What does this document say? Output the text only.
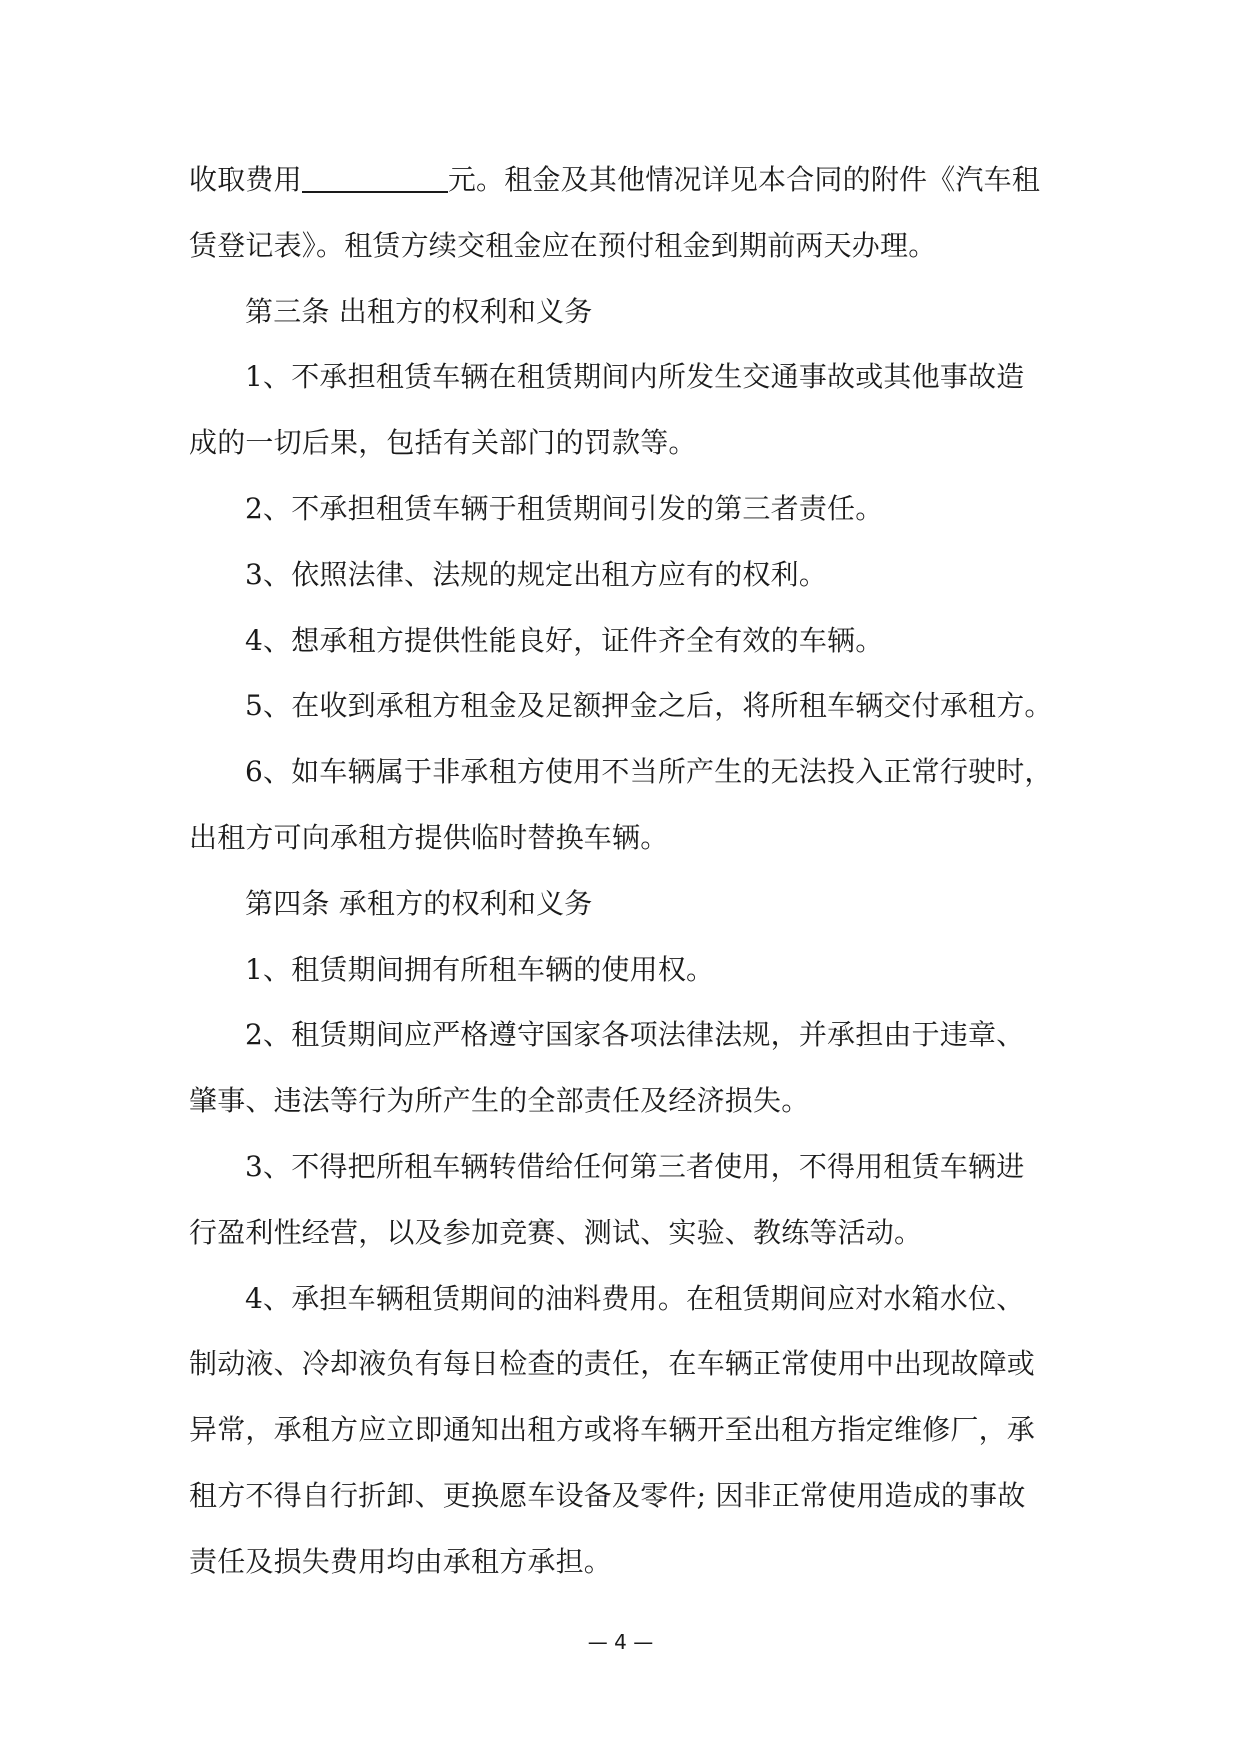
收取费用	元。租金及其他情况详见本合同的附件《汽车租
赁登记表》。租赁方续交租金应在预付租金到期前两天办理。
第三条 出租方的权利和义务
1、不承担租赁车辆在租赁期间内所发生交通事故或其他事故造
成的一切后果，包括有关部门的罚款等。
2、不承担租赁车辆于租赁期间引发的第三者责任。
3、依照法律、法规的规定出租方应有的权利。
4、想承租方提供性能良好，证件齐全有效的车辆。
5、在收到承租方租金及足额押金之后，将所租车辆交付承租方。
6、如车辆属于非承租方使用不当所产生的无法投入正常行驶时，
出租方可向承租方提供临时替换车辆。
第四条 承租方的权利和义务
1、租赁期间拥有所租车辆的使用权。
2、租赁期间应严格遵守国家各项法律法规，并承担由于违章、
肇事、违法等行为所产生的全部责任及经济损失。
3、不得把所租车辆转借给任何第三者使用，不得用租赁车辆进
行盈利性经营，以及参加竞赛、测试、实验、教练等活动。
4、承担车辆租赁期间的油料费用。在租赁期间应对水箱水位、
制动液、冷却液负有每日检查的责任，在车辆正常使用中出现故障或
异常，承租方应立即通知出租方或将车辆开至出租方指定维修厂，承
租方不得自行折卸、更换愿车设备及零件; 因非正常使用造成的事故
责任及损失费用均由承租方承担。
— 4 —
